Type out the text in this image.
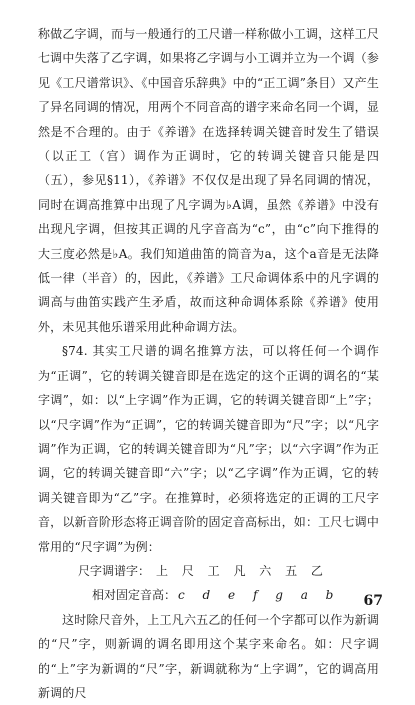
称做乙字调，而与一般通行的工尺谱一样称做小工调，这样工尺七调中失落了乙字调，如果将乙字调与小工调并立为一个调（参见《工尺谱常识》、《中国音乐辞典》中的“正工调”条目）又产生了异名同调的情况，用两个不同音高的谱字来命名同一个调，显然是不合理的。由于《养谱》在选择转调关键音时发生了错误（以正工（宫）调作为正调时，它的转调关键音只能是四（五），参见§11），《养谱》不仅仅是出现了异名同调的情况，同时在调高推算中出现了凡字调为♭A调，虽然《养谱》中没有出现凡字调，但按其正调的凡字音高为“c”，由“c”向下推得的大三度必然是♭A。我们知道曲笛的筒音为a，这个a音是无法降低一律（半音）的，因此，《养谱》工尺命调体系中的凡字调的调高与曲笛实践产生矛盾，故而这种命调体系除《养谱》使用外，未见其他乐谱采用此种命调方法。

§74. 其实工尺谱的调名推算方法，可以将任何一个调作为“正调”，它的转调关键音即是在选定的这个正调的调名的“某字调”，如：以“上字调”作为正调，它的转调关键音即“上”字；以“尺字调”作为“正调”，它的转调关键音即为“尺”字；以“凡字调”作为正调，它的转调关键音即为“凡”字；以“六字调”作为正调，它的转调关键音即“六”字；以“乙字调”作为正调，它的转调关键音即为“乙”字。在推算时，必须将选定的正调的工尺字音，以新音阶形态将正调音阶的固定音高标出，如：工尺七调中常用的“尺字调”为例：

尺字调谱字： 上 尺 工 凡 六 五 乙
相对固定音高： c d e f g a b

这时除尺音外，上工凡六五乙的任何一个字都可以作为新调的“尺”字，则新调的调名即用这个某字来命名。如：尺字调的“上”字为新调的“尺”字，新调就称为“上字调”，它的调高用新调的尺

67
